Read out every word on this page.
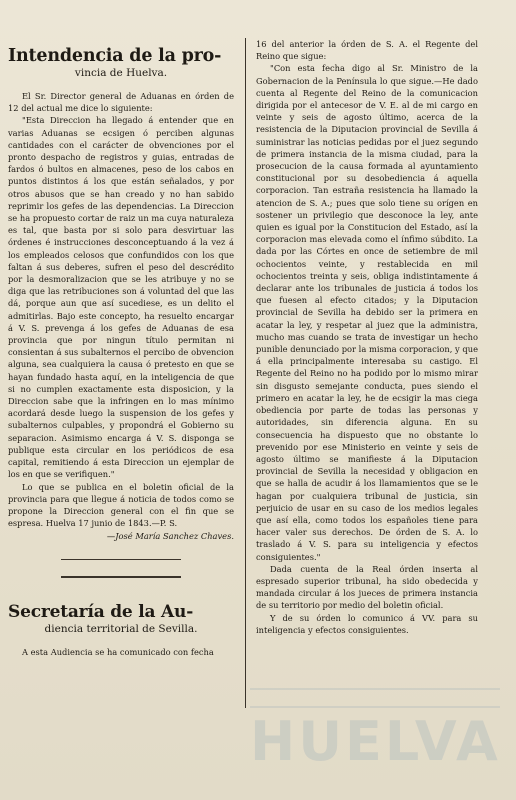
Intendencia de la pro-
vincia de Huelva.

El Sr. Director general de Aduanas en órden de 12 del actual me dice lo siguiente:

"Esta Direccion ha llegado á entender que en varias Aduanas se ecsigen ó perciben algunas cantidades con el carácter de obvenciones por el pronto despacho de registros y guias, entradas de fardos ó bultos en almacenes, peso de los cabos en puntos distintos á los que están señalados, y por otros abusos que se han creado y no han sabido reprimir los gefes de las dependencias. La Direccion se ha propuesto cortar de raiz un ma cuya naturaleza es tal, que basta por si solo para desvirtuar las órdenes é instrucciones desconceptuando á la vez á los empleados celosos que confundidos con los que faltan á sus deberes, sufren el peso del descrédito por la desmoralizacion que se les atribuye y no se diga que las retribuciones son á voluntad del que las dá, porque aun que así sucediese, es un delito el admitirlas. Bajo este concepto, ha resuelto encargar á V. S. prevenga á los gefes de Aduanas de esa provincia que por ningun título permitan ni consientan á sus subalternos el percibo de obvencion alguna, sea cualquiera la causa ó pretesto en que se hayan fundado hasta aquí, en la inteligencia de que si no cumplen exactamente esta disposicion, y la Direccion sabe que la infringen en lo mas mínimo acordará desde luego la suspension de los gefes y subalternos culpables, y propondrá el Gobierno su separacion. Asimismo encarga á V. S. disponga se publique esta circular en los periódicos de esa capital, remitiendo á esta Direccion un ejemplar de los en que se verifiquen."

Lo que se publica en el boletin oficial de la provincia para que llegue á noticia de todos como se propone la Direccion general con el fin que se espresa. Huelva 17 junio de 1843.—P. S.

—José María Sanchez Chaves.
Secretaría de la Au-
diencia territorial de Sevilla.

A esta Audiencia se ha comunicado con fecha

16 del anterior la órden de S. A. el Regente del Reino que sigue:

"Con esta fecha digo al Sr. Ministro de la Gobernacion de la Península lo que sigue.—He dado cuenta al Regente del Reino de la comunicacion dirigida por el antecesor de V. E. al de mi cargo en veinte y seis de agosto último, acerca de la resistencia de la Diputacion provincial de Sevilla á suministrar las noticias pedidas por el juez segundo de primera instancia de la misma ciudad, para la prosecucion de la causa formada al ayuntamiento constitucional por su desobediencia á aquella corporacion. Tan estraña resistencia ha llamado la atencion de S. A.; pues que solo tiene su orígen en sostener un privilegio que desconoce la ley, ante quien es igual por la Constitucion del Estado, así la corporacion mas elevada como el ínfimo súbdito. La dada por las Córtes en once de setiembre de mil ochocientos veinte, y restablecida en mil ochocientos treinta y seis, obliga indistintamente á declarar ante los tribunales de justicia á todos los que fuesen al efecto citados; y la Diputacion provincial de Sevilla ha debido ser la primera en acatar la ley, y respetar al juez que la administra, mucho mas cuando se trata de investigar un hecho punible denunciado por la misma corporacion, y que á ella principalmente interesaba su castigo. El Regente del Reino no ha podido por lo mismo mirar sin disgusto semejante conducta, pues siendo el primero en acatar la ley, he de ecsigir la mas ciega obediencia por parte de todas las personas y autoridades, sin diferencia alguna. En su consecuencia ha dispuesto que no obstante lo prevenido por ese Ministerio en veinte y seis de agosto último se manifieste á la Diputacion provincial de Sevilla la necesidad y obligacion en que se halla de acudir á los llamamientos que se le hagan por cualquiera tribunal de justicia, sin perjuicio de usar en su caso de los medios legales que así ella, como todos los españoles tiene para hacer valer sus derechos. De órden de S. A. lo traslado á V. S. para su inteligencia y efectos consiguientes."

Dada cuenta de la Real órden inserta al espresado superior tribunal, ha sido obedecida y mandada circular á los jueces de primera instancia de su territorio por medio del boletin oficial.

Y de su órden lo comunico á VV. para su inteligencia y efectos consiguientes.

HUELVA
